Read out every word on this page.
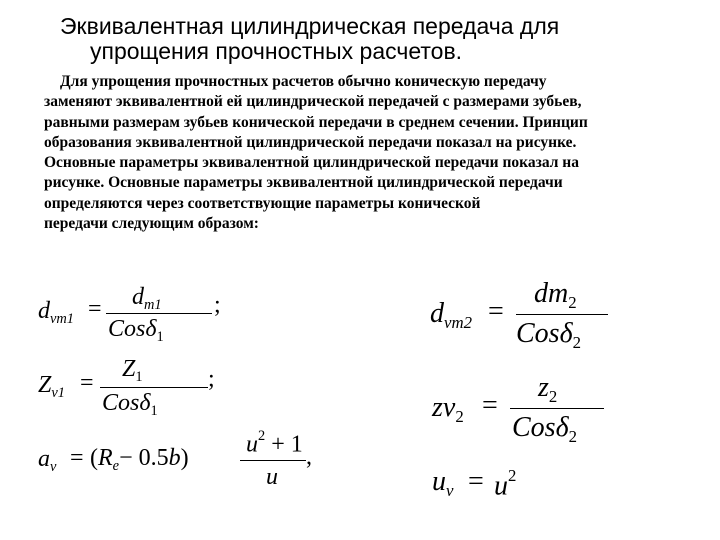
Эквивалентная цилиндрическая передача для
упрощения прочностных расчетов.
Для упрощения прочностных расчетов обычно коническую передачу
заменяют эквивалентной ей цилиндрической передачей с размерами зубьев,
равными размерам зубьев конической передачи в среднем сечении. Принцип
образования эквивалентной цилиндрической передачи показал на рисунке.
Основные параметры эквивалентной цилиндрической передачи показал на
рисунке. Основные параметры эквивалентной цилиндрической передачи
определяются через соответствующие параметры конической
передачи следующим образом:
$d_{vm1} = d_{m1}$
Cosδ$_1$
;
$Z_{v1}$ =
$Z_1$
Cosδ$_1$
;
$a_v = (R_e- 0.5b)$
$u^2 + 1$
u
,
$d_{vm2}$ =
$dm_2$
Cosδ$_2$
$zv_2$ =
$z_2$
Cosδ$_2$
$u_v = u^2$
